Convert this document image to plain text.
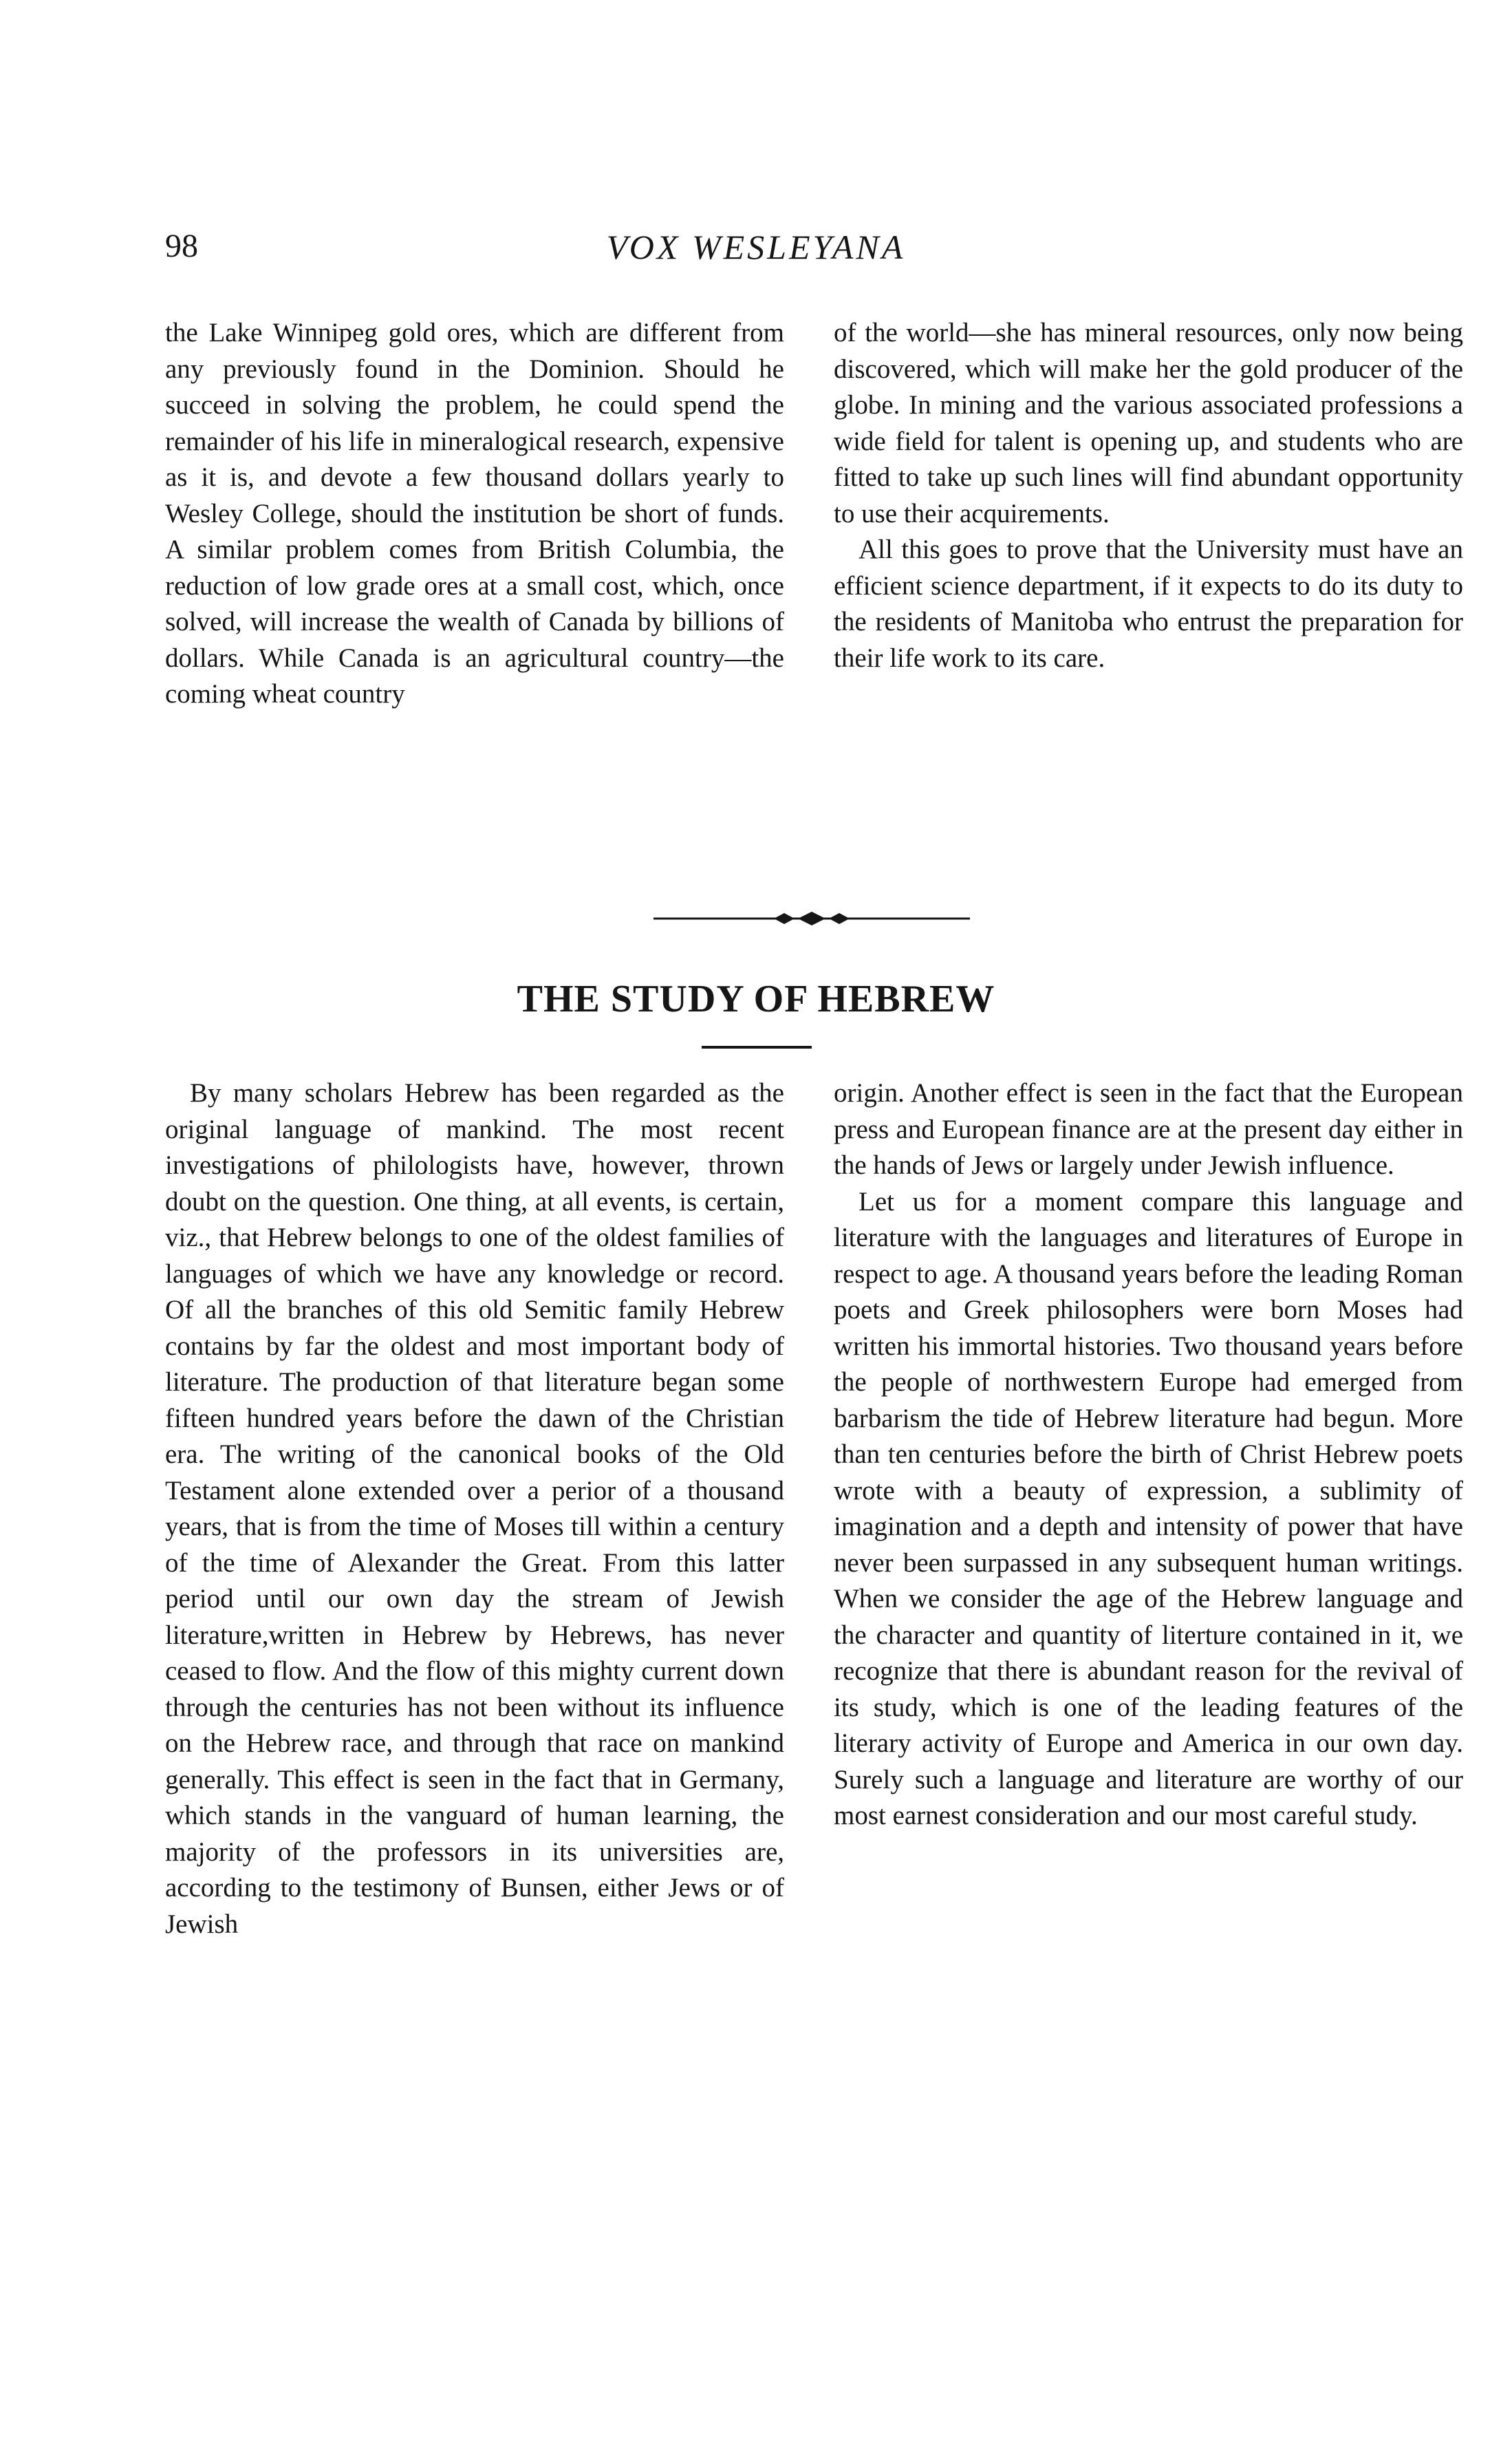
98	VOX WESLEYANA

the Lake Winnipeg gold ores, which are different from any previously found in the Dominion. Should he succeed in solving the problem, he could spend the remainder of his life in mineralogical research, expensive as it is, and devote a few thousand dollars yearly to Wesley College, should the institution be short of funds. A similar problem comes from British Columbia, the reduction of low grade ores at a small cost, which, once solved, will increase the wealth of Canada by billions of dollars. While Canada is an agricultural country—the coming wheat country

of the world—she has mineral resources, only now being discovered, which will make her the gold producer of the globe. In mining and the various associated professions a wide field for talent is opening up, and students who are fitted to take up such lines will find abundant opportunity to use their acquirements.

All this goes to prove that the University must have an efficient science department, if it expects to do its duty to the residents of Manitoba who entrust the preparation for their life work to its care.

THE STUDY OF HEBREW

By many scholars Hebrew has been regarded as the original language of mankind. The most recent investigations of philologists have, however, thrown doubt on the question. One thing, at all events, is certain, viz., that Hebrew belongs to one of the oldest families of languages of which we have any knowledge or record. Of all the branches of this old Semitic family Hebrew contains by far the oldest and most important body of literature. The production of that literature began some fifteen hundred years before the dawn of the Christian era. The writing of the canonical books of the Old Testament alone extended over a perior of a thousand years, that is from the time of Moses till within a century of the time of Alexander the Great. From this latter period until our own day the stream of Jewish literature,written in Hebrew by Hebrews, has never ceased to flow. And the flow of this mighty current down through the centuries has not been without its influence on the Hebrew race, and through that race on mankind generally. This effect is seen in the fact that in Germany, which stands in the vanguard of human learning, the majority of the professors in its universities are, according to the testimony of Bunsen, either Jews or of Jewish

origin. Another effect is seen in the fact that the European press and European finance are at the present day either in the hands of Jews or largely under Jewish influence.

Let us for a moment compare this language and literature with the languages and literatures of Europe in respect to age. A thousand years before the leading Roman poets and Greek philosophers were born Moses had written his immortal histories. Two thousand years before the people of northwestern Europe had emerged from barbarism the tide of Hebrew literature had begun. More than ten centuries before the birth of Christ Hebrew poets wrote with a beauty of expression, a sublimity of imagination and a depth and intensity of power that have never been surpassed in any subsequent human writings. When we consider the age of the Hebrew language and the character and quantity of literture contained in it, we recognize that there is abundant reason for the revival of its study, which is one of the leading features of the literary activity of Europe and America in our own day. Surely such a language and literature are worthy of our most earnest consideration and our most careful study.
